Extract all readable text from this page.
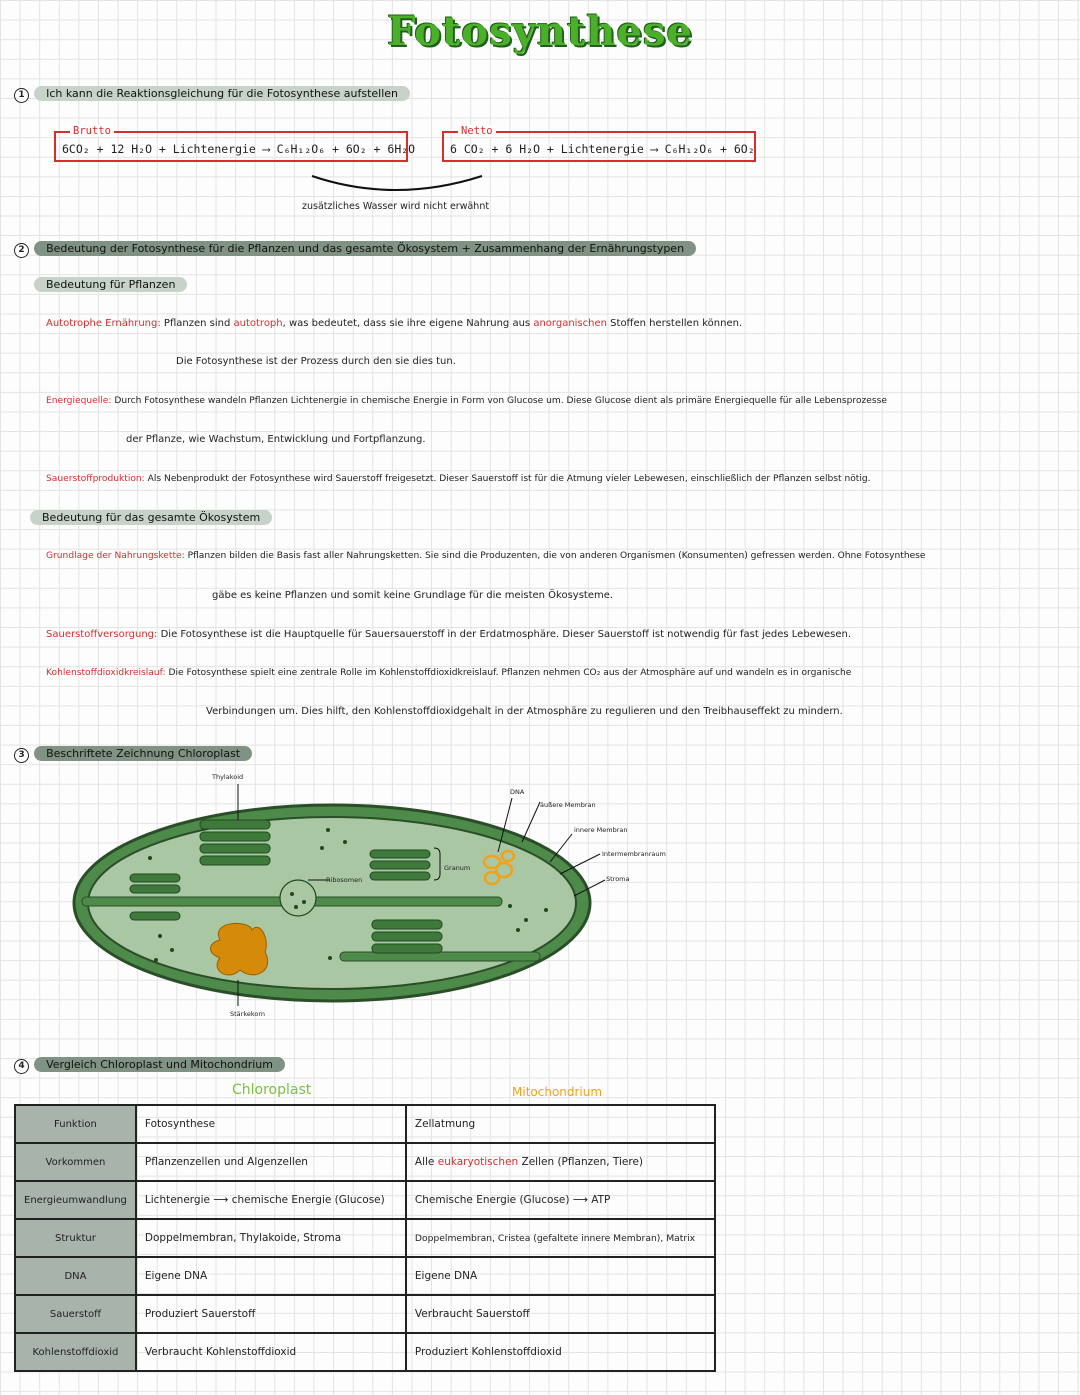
Fotosynthese
1 Ich kann die Reaktionsgleichung für die Fotosynthese aufstellen
Brutto
6CO₂ + 12 H₂O + Lichtenergie ⟶ C₆H₁₂O₆ + 6O₂ + 6H₂O
Netto
6 CO₂ + 6 H₂O + Lichtenergie ⟶ C₆H₁₂O₆ + 6O₂
zusätzliches Wasser wird nicht erwähnt
2 Bedeutung der Fotosynthese für die Pflanzen und das gesamte Ökosystem + Zusammenhang der Ernährungstypen
Bedeutung für Pflanzen
Autotrophe Ernährung: Pflanzen sind autotroph, was bedeutet, dass sie ihre eigene Nahrung aus anorganischen Stoffen herstellen können.
Die Fotosynthese ist der Prozess durch den sie dies tun.
Energiequelle: Durch Fotosynthese wandeln Pflanzen Lichtenergie in chemische Energie in Form von Glucose um. Diese Glucose dient als primäre Energiequelle für alle Lebensprozesse
der Pflanze, wie Wachstum, Entwicklung und Fortpflanzung.
Sauerstoffproduktion: Als Nebenprodukt der Fotosynthese wird Sauerstoff freigesetzt. Dieser Sauerstoff ist für die Atmung vieler Lebewesen, einschließlich der Pflanzen selbst nötig.
Bedeutung für das gesamte Ökosystem
Grundlage der Nahrungskette: Pflanzen bilden die Basis fast aller Nahrungsketten. Sie sind die Produzenten, die von anderen Organismen (Konsumenten) gefressen werden. Ohne Fotosynthese
gäbe es keine Pflanzen und somit keine Grundlage für die meisten Ökosysteme.
Sauerstoffversorgung: Die Fotosynthese ist die Hauptquelle für Sauersauerstoff in der Erdatmosphäre. Dieser Sauerstoff ist notwendig für fast jedes Lebewesen.
Kohlenstoffdioxidkreislauf: Die Fotosynthese spielt eine zentrale Rolle im Kohlenstoffdioxidkreislauf. Pflanzen nehmen CO₂ aus der Atmosphäre auf und wandeln es in organische
Verbindungen um. Dies hilft, den Kohlenstoffdioxidgehalt in der Atmosphäre zu regulieren und den Treibhauseffekt zu mindern.
3 Beschriftete Zeichnung Chloroplast
Thylakoid
DNA
äußere Membran
innere Membran
Intermembranraum
Stroma
Granum
Ribosomen
Stärkekorn
4 Vergleich Chloroplast und Mitochondrium
Chloroplast	Mitochondrium
Funktion	Fotosynthese	Zellatmung
Vorkommen	Pflanzenzellen und Algenzellen	Alle eukaryotischen Zellen (Pflanzen, Tiere)
Energieumwandlung	Lichtenergie ⟶ chemische Energie (Glucose)	Chemische Energie (Glucose) ⟶ ATP
Struktur	Doppelmembran, Thylakoide, Stroma	Doppelmembran, Cristea (gefaltete innere Membran), Matrix
DNA	Eigene DNA	Eigene DNA
Sauerstoff	Produziert Sauerstoff	Verbraucht Sauerstoff
Kohlenstoffdioxid	Verbraucht Kohlenstoffdioxid	Produziert Kohlenstoffdioxid
